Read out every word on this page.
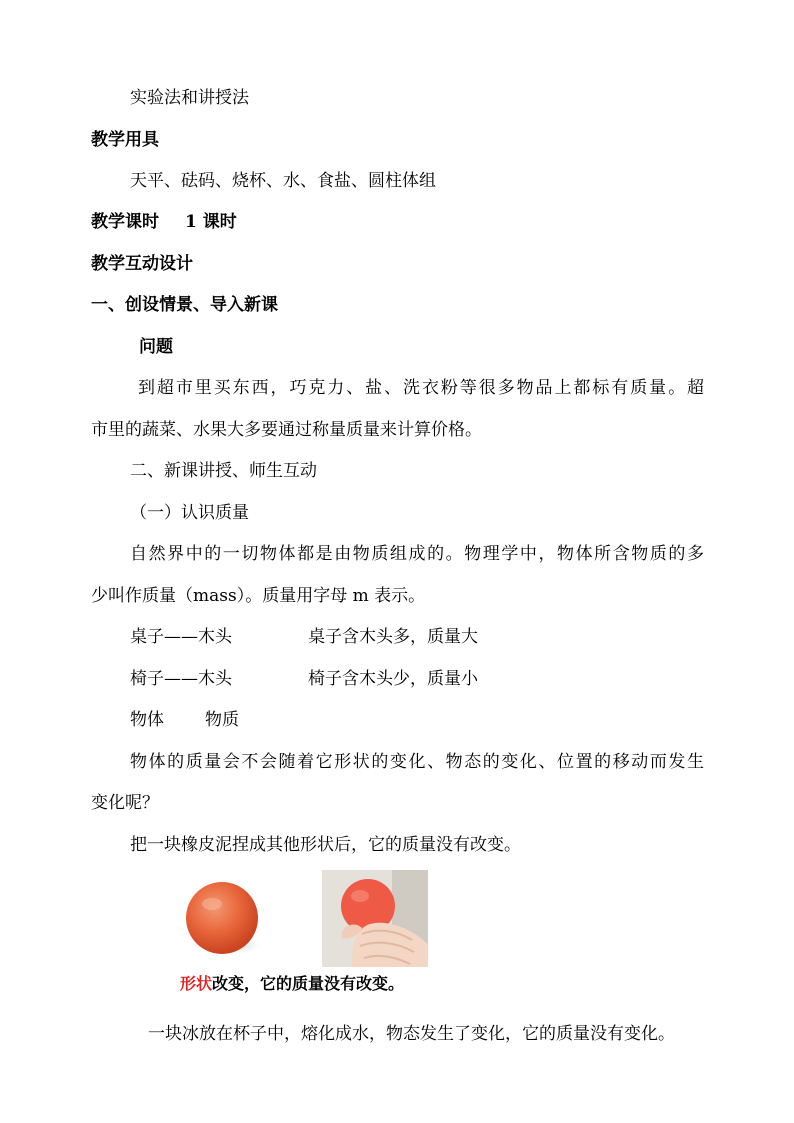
实验法和讲授法
教学用具
天平、砝码、烧杯、水、食盐、圆柱体组
教学课时 1 课时
教学互动设计
一、创设情景、导入新课
问题
到超市里买东西，巧克力、盐、洗衣粉等很多物品上都标有质量。超
市里的蔬菜、水果大多要通过称量质量来计算价格。
二、新课讲授、师生互动
（一）认识质量
自然界中的一切物体都是由物质组成的。物理学中，物体所含物质的多
少叫作质量（mass）。质量用字母 m 表示。
桌子——木头	桌子含木头多，质量大
椅子——木头	椅子含木头少，质量小
物体 物质
物体的质量会不会随着它形状的变化、物态的变化、位置的移动而发生
变化呢？
把一块橡皮泥捏成其他形状后，它的质量没有改变。
形状改变，它的质量没有改变。
一块冰放在杯子中，熔化成水，物态发生了变化，它的质量没有变化。
